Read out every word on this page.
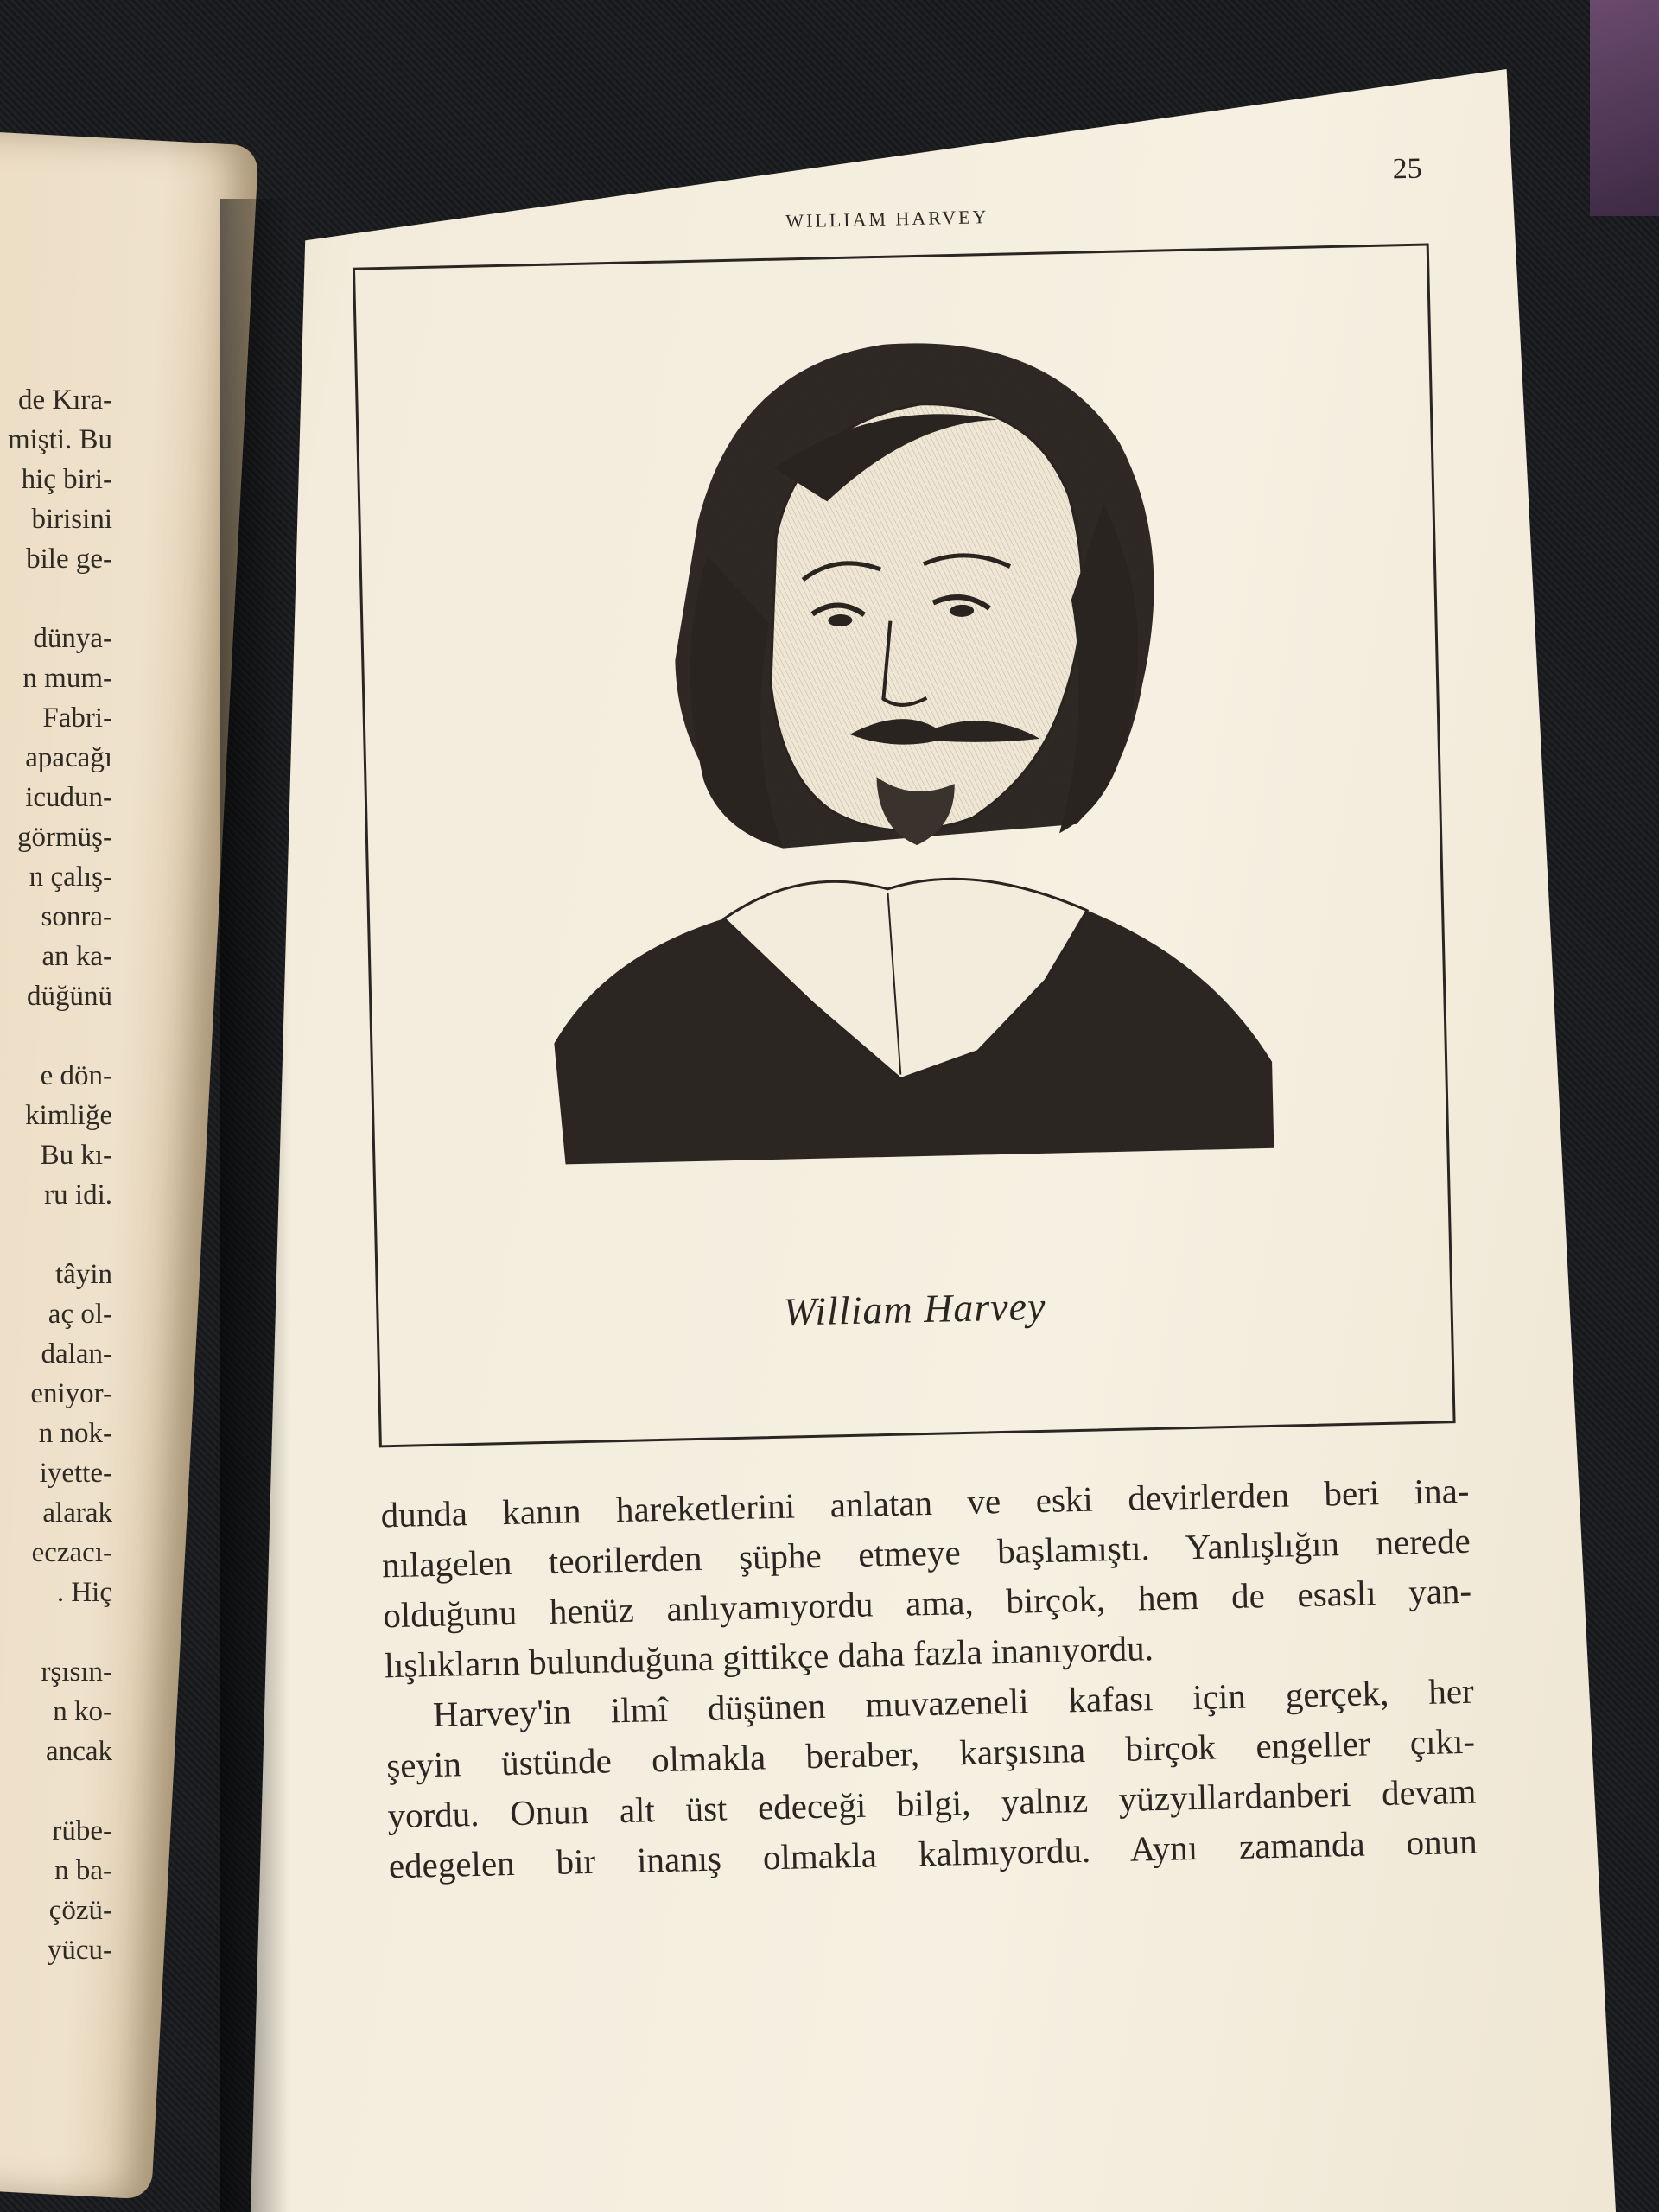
de Kıra-
mişti. Bu
hiç biri-
birisini
bile ge-
dünya-
n mum-
Fabri-
apacağı
icudun-
görmüş-
n çalış-
sonra-
an ka-
düğünü
e dön-
kimliğe
Bu kı-
ru idi.
tâyin
aç ol-
dalan-
eniyor-
n nok-
iyette-
alarak
eczacı-
. Hiç
rşısın-
n ko-
ancak
rübe-
n ba-
çözü-
yücu-
25
WILLIAM HARVEY
William Harvey
dunda kanın hareketlerini anlatan ve eski devirlerden beri ina-
nılagelen teorilerden şüphe etmeye başlamıştı. Yanlışlığın nerede
olduğunu henüz anlıyamıyordu ama, birçok, hem de esaslı yan-
lışlıkların bulunduğuna gittikçe daha fazla inanıyordu.
Harvey'in ilmî düşünen muvazeneli kafası için gerçek, her
şeyin üstünde olmakla beraber, karşısına birçok engeller çıkı-
yordu. Onun alt üst edeceği bilgi, yalnız yüzyıllardanberi devam
edegelen bir inanış olmakla kalmıyordu. Aynı zamanda onun
